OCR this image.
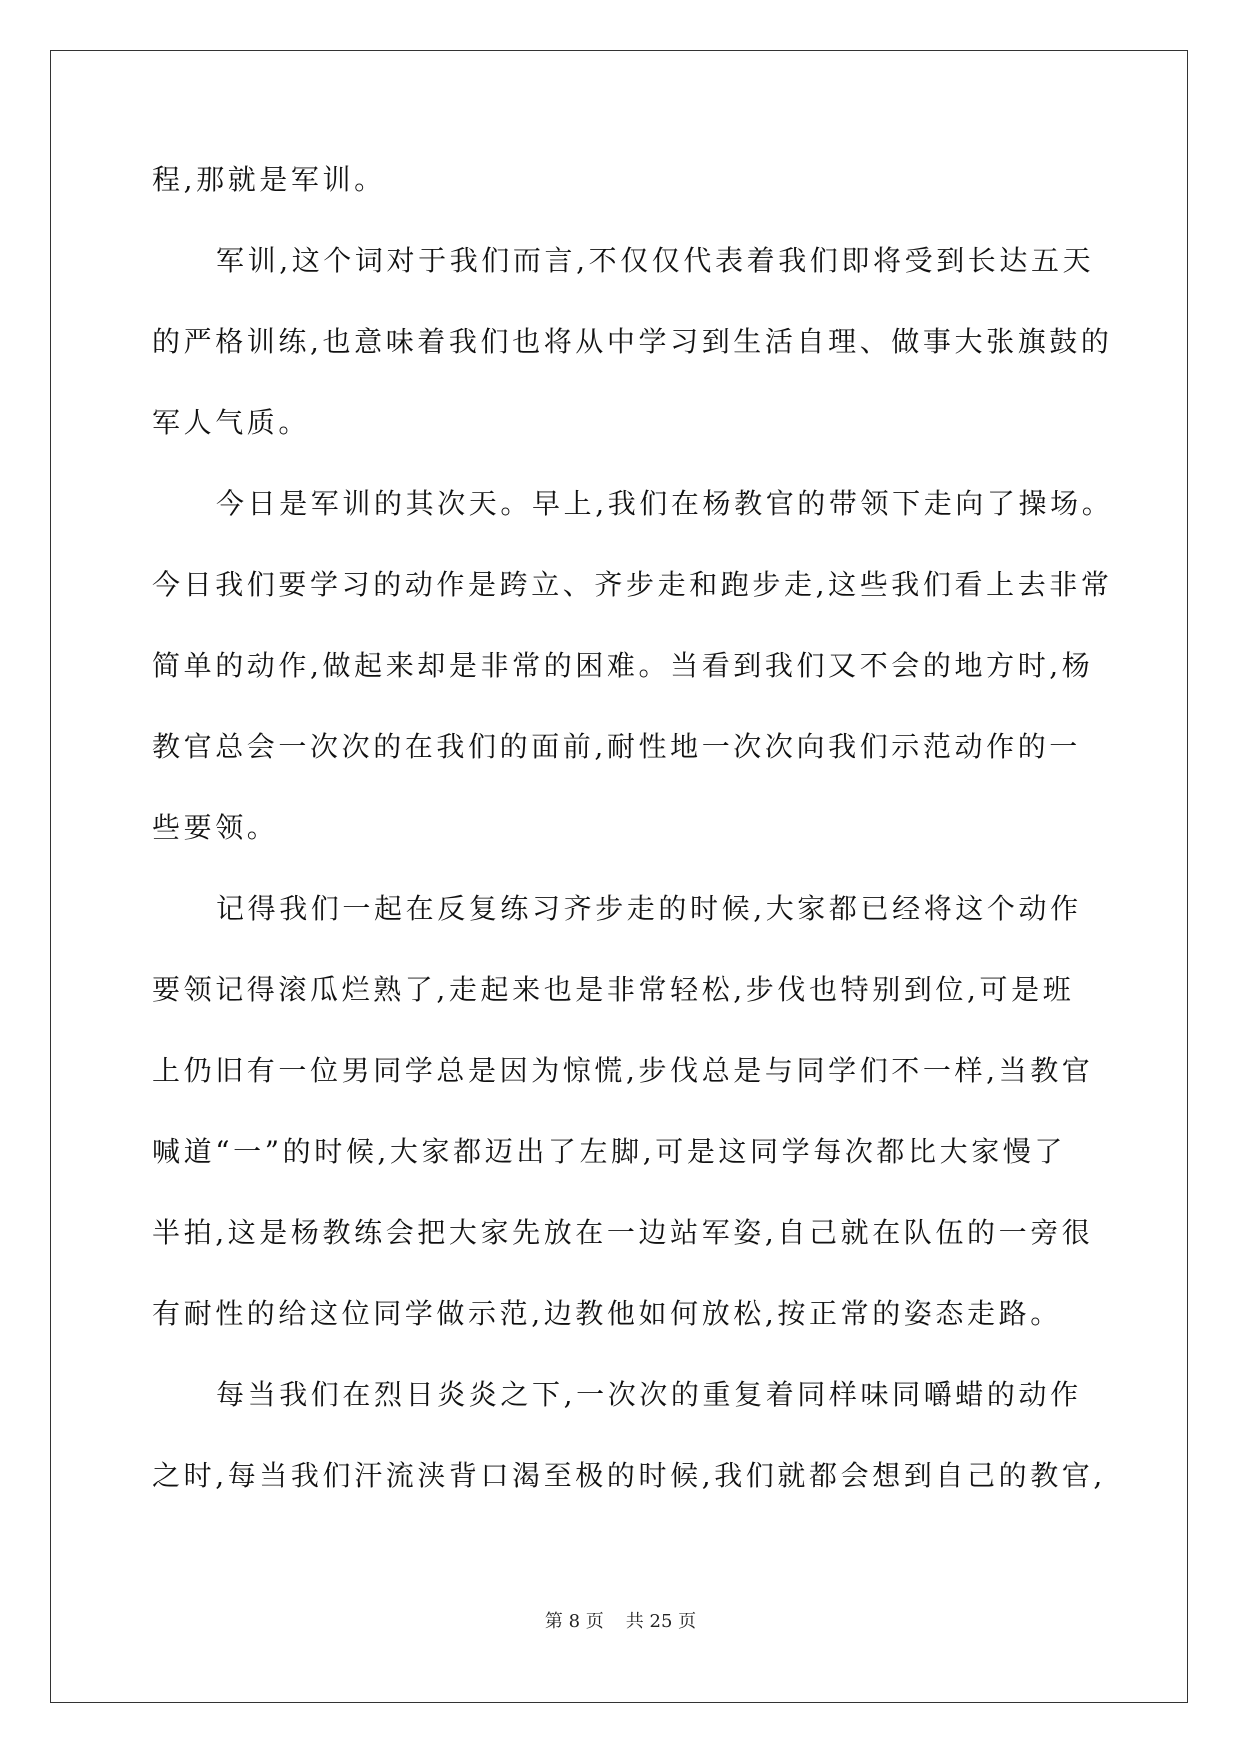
程,那就是军训。
军训,这个词对于我们而言,不仅仅代表着我们即将受到长达五天
的严格训练,也意味着我们也将从中学习到生活自理、做事大张旗鼓的
军人气质。
今日是军训的其次天。早上,我们在杨教官的带领下走向了操场。
今日我们要学习的动作是跨立、齐步走和跑步走,这些我们看上去非常
简单的动作,做起来却是非常的困难。当看到我们又不会的地方时,杨
教官总会一次次的在我们的面前,耐性地一次次向我们示范动作的一
些要领。
记得我们一起在反复练习齐步走的时候,大家都已经将这个动作
要领记得滚瓜烂熟了,走起来也是非常轻松,步伐也特别到位,可是班
上仍旧有一位男同学总是因为惊慌,步伐总是与同学们不一样,当教官
喊道“一”的时候,大家都迈出了左脚,可是这同学每次都比大家慢了
半拍,这是杨教练会把大家先放在一边站军姿,自己就在队伍的一旁很
有耐性的给这位同学做示范,边教他如何放松,按正常的姿态走路。
每当我们在烈日炎炎之下,一次次的重复着同样味同嚼蜡的动作
之时,每当我们汗流浃背口渴至极的时候,我们就都会想到自己的教官,
第 8 页 共 25 页
